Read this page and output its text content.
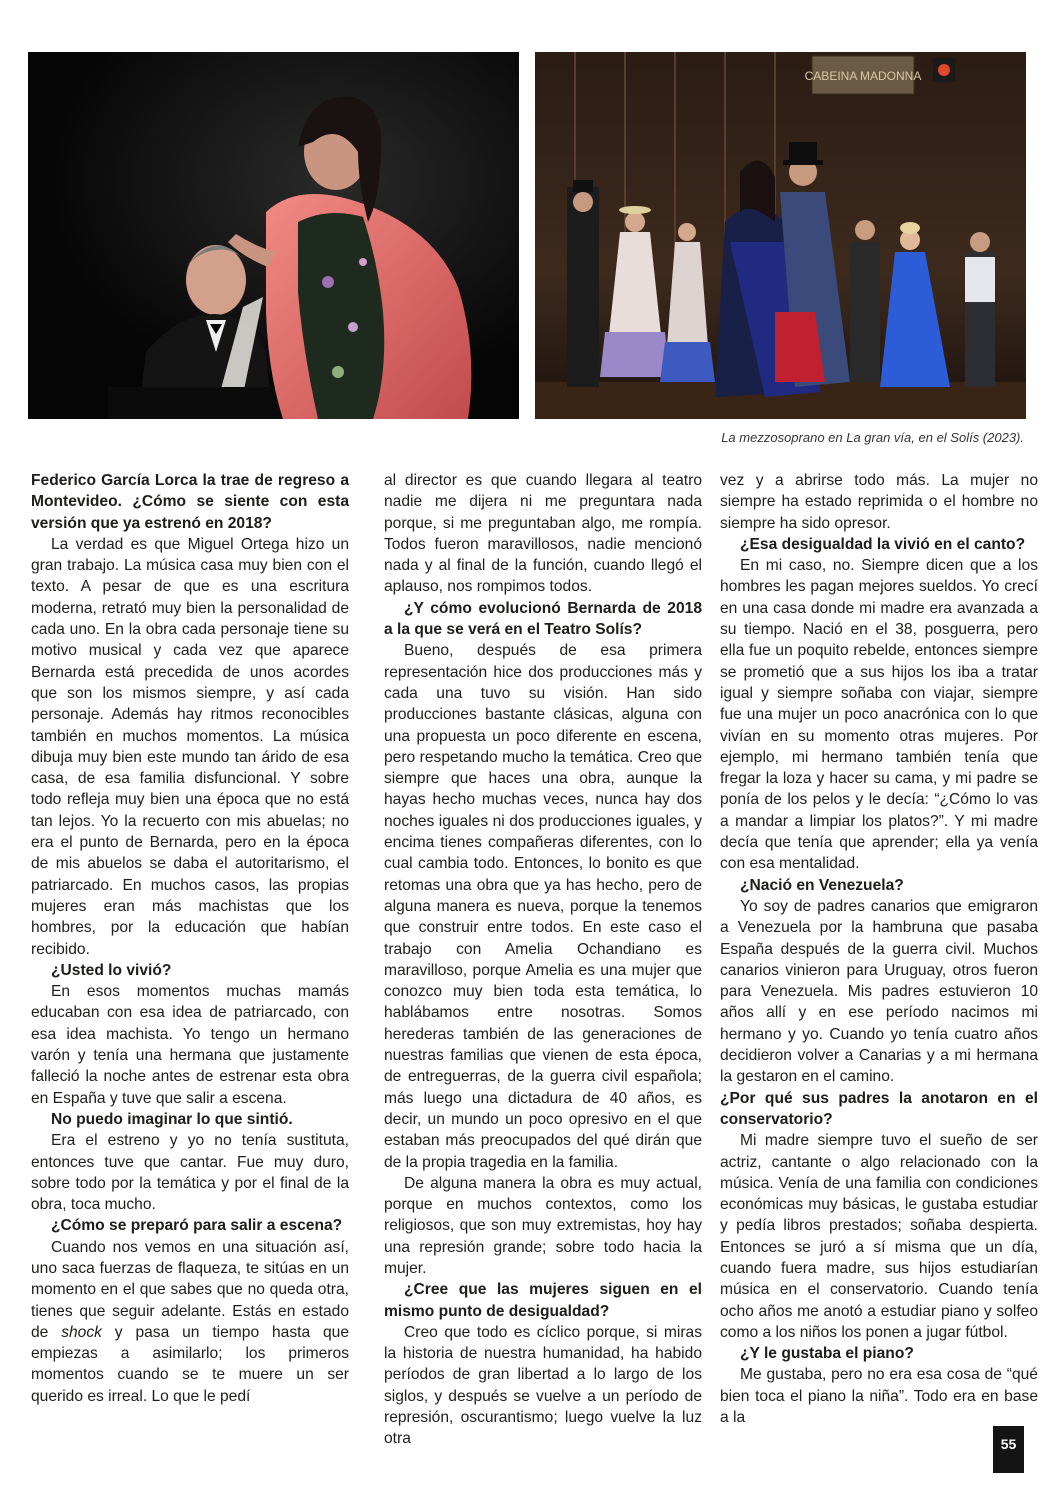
CABEINA MADONNA
La mezzosoprano en La gran vía, en el Solís (2023).

Federico García Lorca la trae de regreso a Montevideo. ¿Cómo se siente con esta versión que ya estrenó en 2018?

La verdad es que Miguel Ortega hizo un gran trabajo. La música casa muy bien con el texto. A pesar de que es una escritura moderna, retrató muy bien la personalidad de cada uno. En la obra cada personaje tiene su motivo musical y cada vez que aparece Bernarda está precedida de unos acordes que son los mismos siempre, y así cada personaje. Además hay ritmos reconocibles también en muchos momentos. La música dibuja muy bien este mundo tan árido de esa casa, de esa familia disfuncional. Y sobre todo refleja muy bien una época que no está tan lejos. Yo la recuerto con mis abuelas; no era el punto de Bernarda, pero en la época de mis abuelos se daba el autoritarismo, el patriarcado. En muchos casos, las propias mujeres eran más machistas que los hombres, por la educación que habían recibido.

¿Usted lo vivió?

En esos momentos muchas mamás educaban con esa idea de patriarcado, con esa idea machista. Yo tengo un hermano varón y tenía una hermana que justamente falleció la noche antes de estrenar esta obra en España y tuve que salir a escena.

No puedo imaginar lo que sintió.

Era el estreno y yo no tenía sustituta, entonces tuve que cantar. Fue muy duro, sobre todo por la temática y por el final de la obra, toca mucho.

¿Cómo se preparó para salir a escena?

Cuando nos vemos en una situación así, uno saca fuerzas de flaqueza, te sitúas en un momento en el que sabes que no queda otra, tienes que seguir adelante. Estás en estado de shock y pasa un tiempo hasta que empiezas a asimilarlo; los primeros momentos cuando se te muere un ser querido es irreal. Lo que le pedí

al director es que cuando llegara al teatro nadie me dijera ni me preguntara nada porque, si me preguntaban algo, me rompía. Todos fueron maravillosos, nadie mencionó nada y al final de la función, cuando llegó el aplauso, nos rompimos todos.

¿Y cómo evolucionó Bernarda de 2018 a la que se verá en el Teatro Solís?

Bueno, después de esa primera representación hice dos producciones más y cada una tuvo su visión. Han sido producciones bastante clásicas, alguna con una propuesta un poco diferente en escena, pero respetando mucho la temática. Creo que siempre que haces una obra, aunque la hayas hecho muchas veces, nunca hay dos noches iguales ni dos producciones iguales, y encima tienes compañeras diferentes, con lo cual cambia todo. Entonces, lo bonito es que retomas una obra que ya has hecho, pero de alguna manera es nueva, porque la tenemos que construir entre todos. En este caso el trabajo con Amelia Ochandiano es maravilloso, porque Amelia es una mujer que conozco muy bien toda esta temática, lo hablábamos entre nosotras. Somos herederas también de las generaciones de nuestras familias que vienen de esta época, de entreguerras, de la guerra civil española; más luego una dictadura de 40 años, es decir, un mundo un poco opresivo en el que estaban más preocupados del qué dirán que de la propia tragedia en la familia.

De alguna manera la obra es muy actual, porque en muchos contextos, como los religiosos, que son muy extremistas, hoy hay una represión grande; sobre todo hacia la mujer.

¿Cree que las mujeres siguen en el mismo punto de desigualdad?

Creo que todo es cíclico porque, si miras la historia de nuestra humanidad, ha habido períodos de gran libertad a lo largo de los siglos, y después se vuelve a un período de represión, oscurantismo; luego vuelve la luz otra

vez y a abrirse todo más. La mujer no siempre ha estado reprimida o el hombre no siempre ha sido opresor.

¿Esa desigualdad la vivió en el canto?

En mi caso, no. Siempre dicen que a los hombres les pagan mejores sueldos. Yo crecí en una casa donde mi madre era avanzada a su tiempo. Nació en el 38, posguerra, pero ella fue un poquito rebelde, entonces siempre se prometió que a sus hijos los iba a tratar igual y siempre soñaba con viajar, siempre fue una mujer un poco anacrónica con lo que vivían en su momento otras mujeres. Por ejemplo, mi hermano también tenía que fregar la loza y hacer su cama, y mi padre se ponía de los pelos y le decía: “¿Cómo lo vas a mandar a limpiar los platos?”. Y mi madre decía que tenía que aprender; ella ya venía con esa mentalidad.

¿Nació en Venezuela?

Yo soy de padres canarios que emigraron a Venezuela por la hambruna que pasaba España después de la guerra civil. Muchos canarios vinieron para Uruguay, otros fueron para Venezuela. Mis padres estuvieron 10 años allí y en ese período nacimos mi hermano y yo. Cuando yo tenía cuatro años decidieron volver a Canarias y a mi hermana la gestaron en el camino.

¿Por qué sus padres la anotaron en el conservatorio?

Mi madre siempre tuvo el sueño de ser actriz, cantante o algo relacionado con la música. Venía de una familia con condiciones económicas muy básicas, le gustaba estudiar y pedía libros prestados; soñaba despierta. Entonces se juró a sí misma que un día, cuando fuera madre, sus hijos estudiarían música en el conservatorio. Cuando tenía ocho años me anotó a estudiar piano y solfeo como a los niños los ponen a jugar fútbol.

¿Y le gustaba el piano?

Me gustaba, pero no era esa cosa de “qué bien toca el piano la niña”. Todo era en base a la

55
